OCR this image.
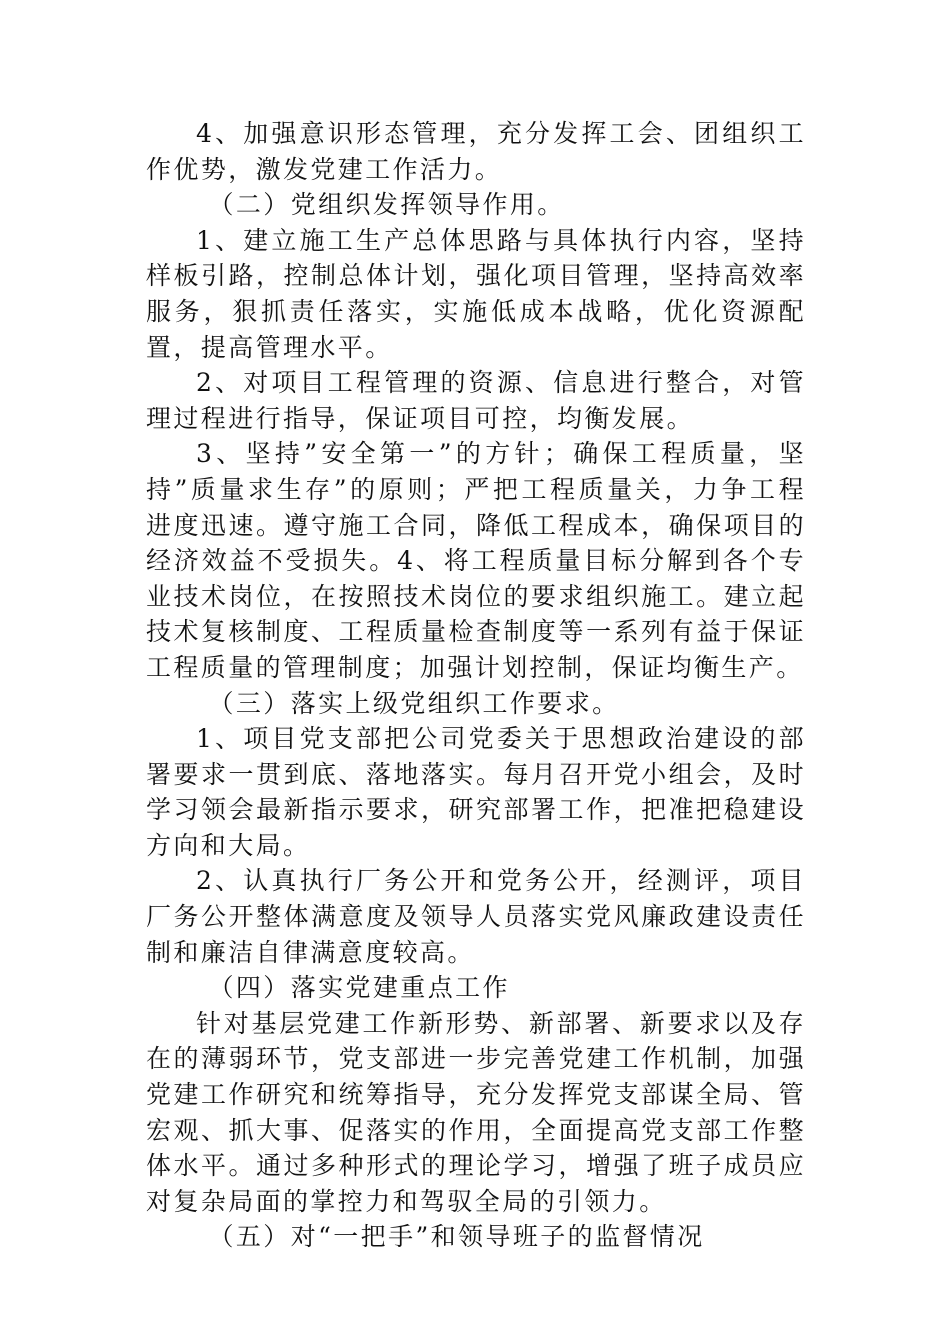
4、加强意识形态管理，充分发挥工会、团组织工作优势，激发党建工作活力。

（二）党组织发挥领导作用。

1、建立施工生产总体思路与具体执行内容，坚持样板引路，控制总体计划，强化项目管理，坚持高效率服务，狠抓责任落实，实施低成本战略，优化资源配置，提高管理水平。

2、对项目工程管理的资源、信息进行整合，对管理过程进行指导，保证项目可控，均衡发展。

3、坚持”安全第一”的方针；确保工程质量，坚持”质量求生存”的原则；严把工程质量关，力争工程进度迅速。遵守施工合同，降低工程成本，确保项目的经济效益不受损失。4、将工程质量目标分解到各个专业技术岗位，在按照技术岗位的要求组织施工。建立起技术复核制度、工程质量检查制度等一系列有益于保证工程质量的管理制度；加强计划控制，保证均衡生产。

（三）落实上级党组织工作要求。

1、项目党支部把公司党委关于思想政治建设的部署要求一贯到底、落地落实。每月召开党小组会，及时学习领会最新指示要求，研究部署工作，把准把稳建设方向和大局。

2、认真执行厂务公开和党务公开，经测评，项目厂务公开整体满意度及领导人员落实党风廉政建设责任制和廉洁自律满意度较高。

（四）落实党建重点工作

针对基层党建工作新形势、新部署、新要求以及存在的薄弱环节，党支部进一步完善党建工作机制，加强党建工作研究和统筹指导，充分发挥党支部谋全局、管宏观、抓大事、促落实的作用，全面提高党支部工作整体水平。通过多种形式的理论学习，增强了班子成员应对复杂局面的掌控力和驾驭全局的引领力。

（五）对“一把手”和领导班子的监督情况
